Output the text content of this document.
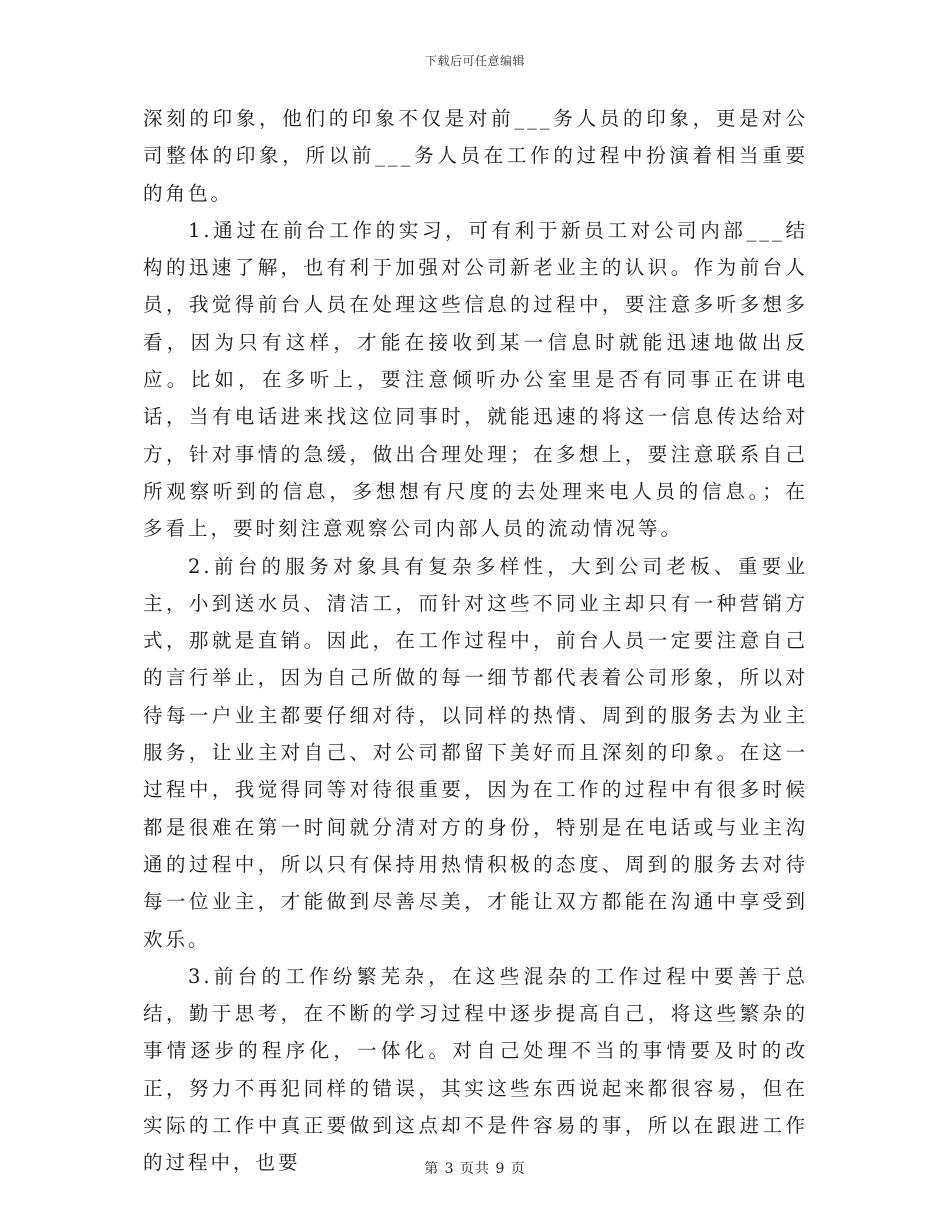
下载后可任意编辑

深刻的印象，他们的印象不仅是对前___务人员的印象，更是对公司整体的印象，所以前___务人员在工作的过程中扮演着相当重要的角色。

1.通过在前台工作的实习，可有利于新员工对公司内部___结构的迅速了解，也有利于加强对公司新老业主的认识。作为前台人员，我觉得前台人员在处理这些信息的过程中，要注意多听多想多看，因为只有这样，才能在接收到某一信息时就能迅速地做出反应。比如，在多听上，要注意倾听办公室里是否有同事正在讲电话，当有电话进来找这位同事时，就能迅速的将这一信息传达给对方，针对事情的急缓，做出合理处理；在多想上，要注意联系自己所观察听到的信息，多想想有尺度的去处理来电人员的信息。；在多看上，要时刻注意观察公司内部人员的流动情况等。

2.前台的服务对象具有复杂多样性，大到公司老板、重要业主，小到送水员、清洁工，而针对这些不同业主却只有一种营销方式，那就是直销。因此，在工作过程中，前台人员一定要注意自己的言行举止，因为自己所做的每一细节都代表着公司形象，所以对待每一户业主都要仔细对待，以同样的热情、周到的服务去为业主服务，让业主对自己、对公司都留下美好而且深刻的印象。在这一过程中，我觉得同等对待很重要，因为在工作的过程中有很多时候都是很难在第一时间就分清对方的身份，特别是在电话或与业主沟通的过程中，所以只有保持用热情积极的态度、周到的服务去对待每一位业主，才能做到尽善尽美，才能让双方都能在沟通中享受到欢乐。

3.前台的工作纷繁芜杂，在这些混杂的工作过程中要善于总结，勤于思考，在不断的学习过程中逐步提高自己，将这些繁杂的事情逐步的程序化，一体化。对自己处理不当的事情要及时的改正，努力不再犯同样的错误，其实这些东西说起来都很容易，但在实际的工作中真正要做到这点却不是件容易的事，所以在跟进工作的过程中，也要	第 3 页共 9 页
